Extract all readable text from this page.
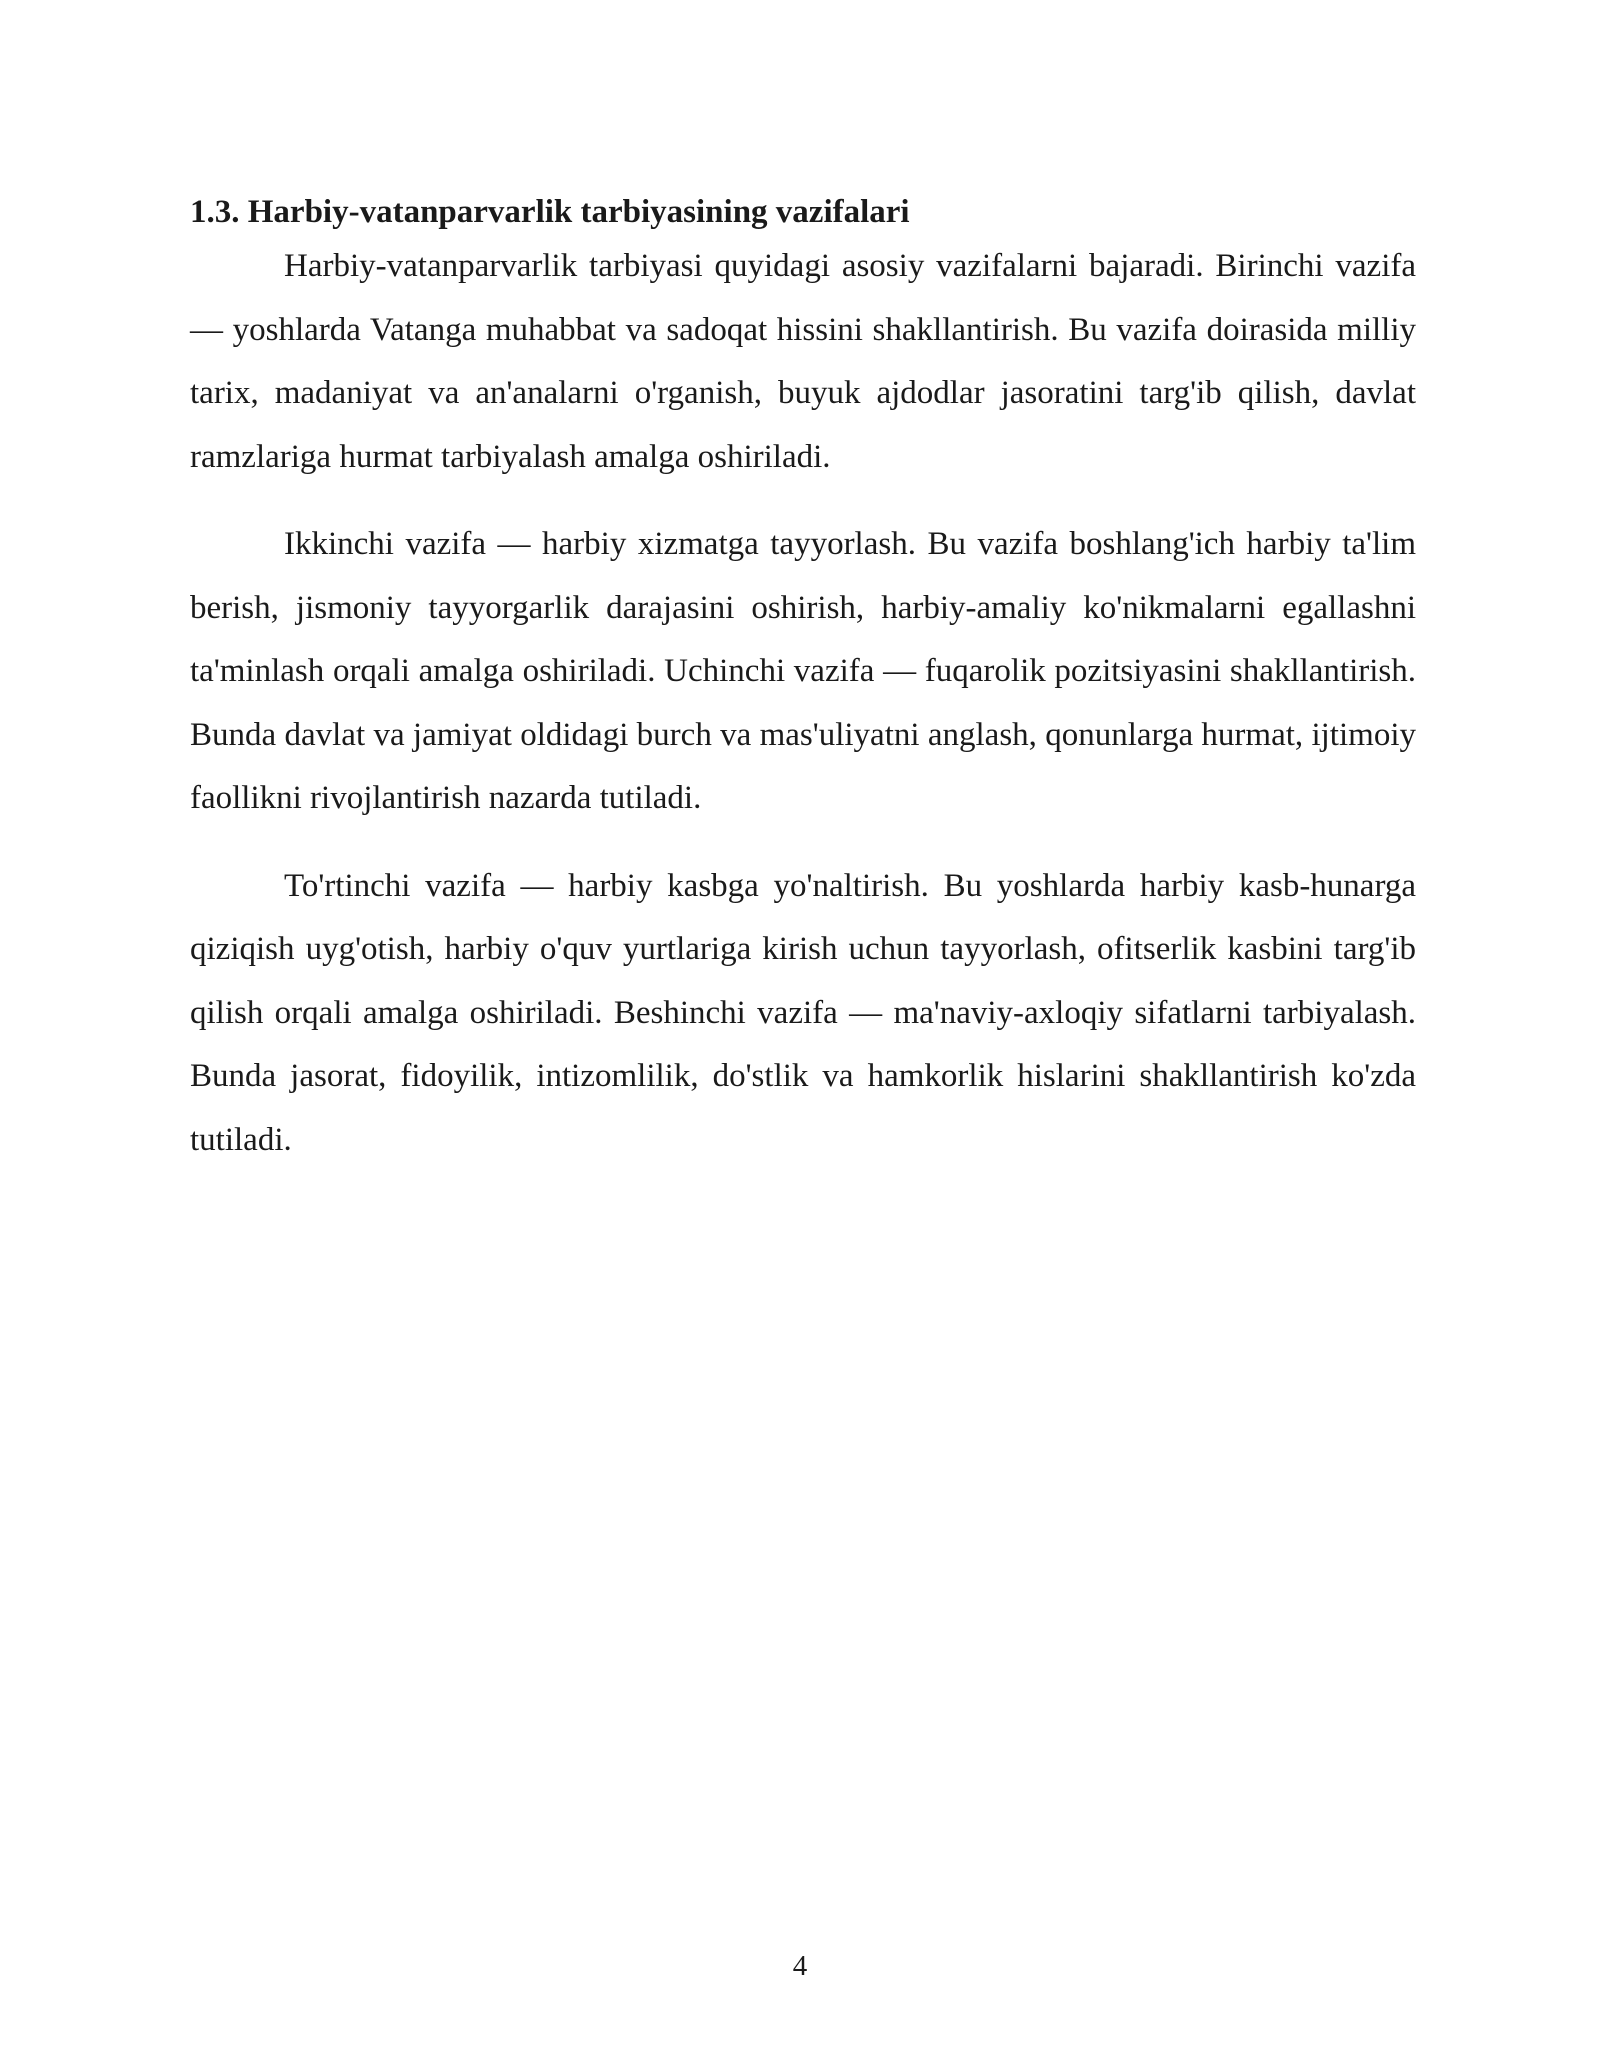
1.3. Harbiy-vatanparvarlik tarbiyasining vazifalari

Harbiy-vatanparvarlik tarbiyasi quyidagi asosiy vazifalarni bajaradi. Birinchi vazifa — yoshlarda Vatanga muhabbat va sadoqat hissini shakllantirish. Bu vazifa doirasida milliy tarix, madaniyat va an'analarni o'rganish, buyuk ajdodlar jasoratini targ'ib qilish, davlat ramzlariga hurmat tarbiyalash amalga oshiriladi.

Ikkinchi vazifa — harbiy xizmatga tayyorlash. Bu vazifa boshlang'ich harbiy ta'lim berish, jismoniy tayyorgarlik darajasini oshirish, harbiy-amaliy ko'nikmalarni egallashni ta'minlash orqali amalga oshiriladi. Uchinchi vazifa — fuqarolik pozitsiyasini shakllantirish. Bunda davlat va jamiyat oldidagi burch va mas'uliyatni anglash, qonunlarga hurmat, ijtimoiy faollikni rivojlantirish nazarda tutiladi.

To'rtinchi vazifa — harbiy kasbga yo'naltirish. Bu yoshlarda harbiy kasb-hunarga qiziqish uyg'otish, harbiy o'quv yurtlariga kirish uchun tayyorlash, ofitserlik kasbini targ'ib qilish orqali amalga oshiriladi. Beshinchi vazifa — ma'naviy-axloqiy sifatlarni tarbiyalash. Bunda jasorat, fidoyilik, intizomlilik, do'stlik va hamkorlik hislarini shakllantirish ko'zda tutiladi.

4
